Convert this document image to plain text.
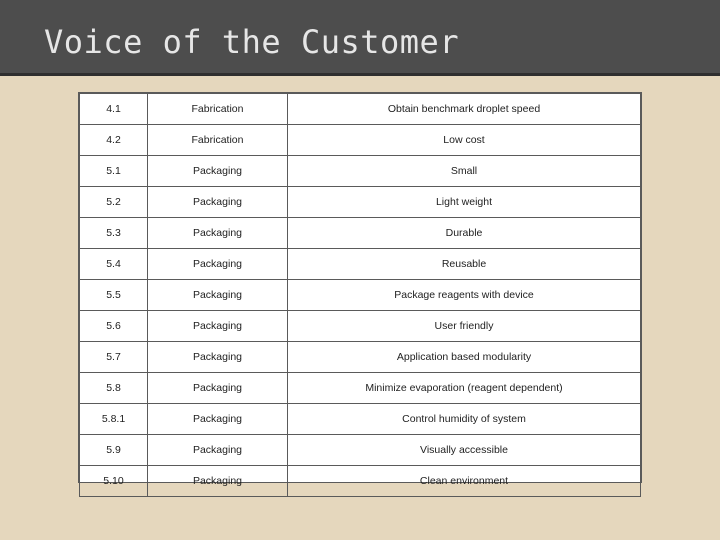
Voice of the Customer
4.1	Fabrication	Obtain benchmark droplet speed
4.2	Fabrication	Low cost
5.1	Packaging	Small
5.2	Packaging	Light weight
5.3	Packaging	Durable
5.4	Packaging	Reusable
5.5	Packaging	Package reagents with device
5.6	Packaging	User friendly
5.7	Packaging	Application based modularity
5.8	Packaging	Minimize evaporation (reagent dependent)
5.8.1	Packaging	Control humidity of system
5.9	Packaging	Visually accessible
5.10	Packaging	Clean environment
